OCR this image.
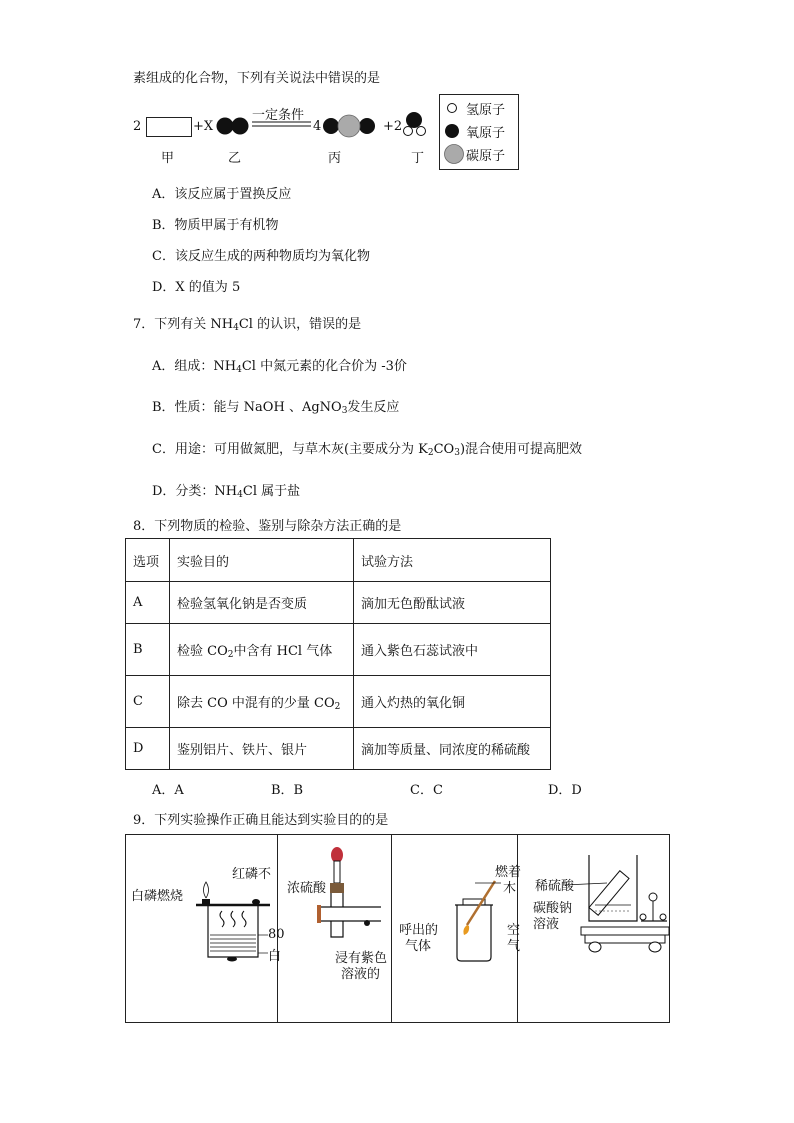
素组成的化合物，下列有关说法中错误的是
2	+X
一定条件
4	+2
甲	乙	丙	丁
氢原子
氧原子
碳原子
A．该反应属于置换反应
B．物质甲属于有机物
C．该反应生成的两种物质均为氧化物
D．X 的值为 5
7．下列有关 $NH_4Cl$ 的认识，错误的是
A．组成：$NH_4Cl$ 中氮元素的化合价为 -3价
B．性质：能与 NaOH 、AgNO$_3$发生反应
C．用途：可用做氮肥，与草木灰(主要成分为 $K_2CO_3$)混合使用可提高肥效
D．分类：$NH_4Cl$ 属于盐
8．下列物质的检验、鉴别与除杂方法正确的是
选项	实验目的	试验方法
A	检验氢氧化钠是否变质	滴加无色酚酞试液
B	检验 $CO_2$中含有 HCl 气体	通入紫色石蕊试液中
C	除去 CO 中混有的少量 $CO_2$	通入灼热的氧化铜
D	鉴别铝片、铁片、银片	滴加等质量、同浓度的稀硫酸
A．A	B．B	C．C	D．D
9．下列实验操作正确且能达到实验目的的是
白磷燃烧
红磷不
80
白
浓硫酸
浸有紫色
溶液的
燃着
木
呼出的
气体
空
气
稀硫酸
碳酸钠
溶液
